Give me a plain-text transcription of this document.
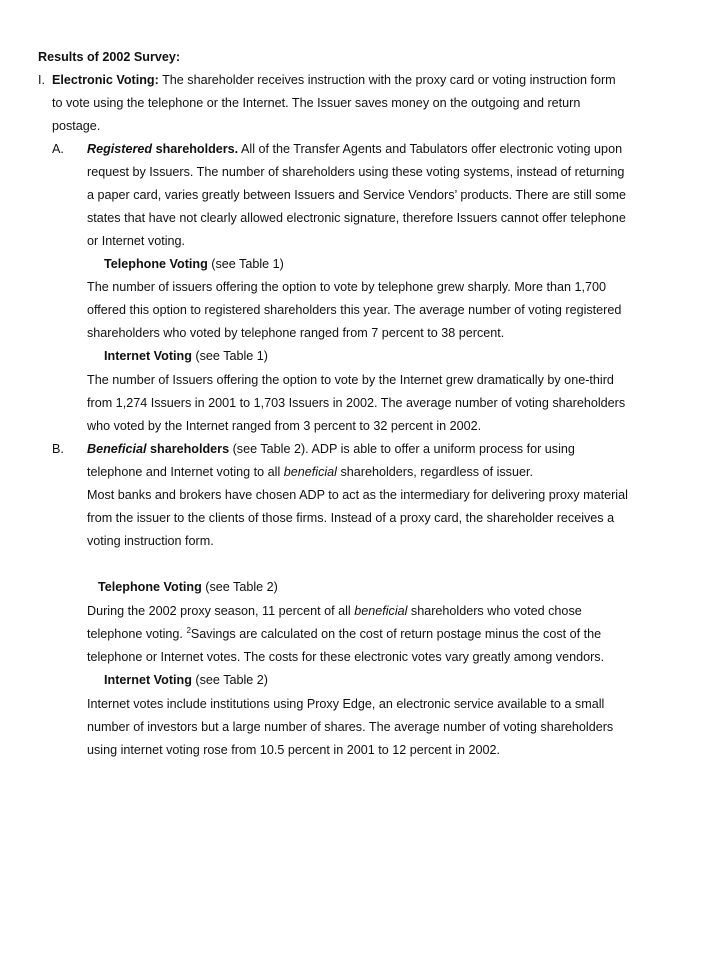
Results of 2002 Survey:
I. Electronic Voting: The shareholder receives instruction with the proxy card or voting instruction form
to vote using the telephone or the Internet. The Issuer saves money on the outgoing and return
postage.
A. Registered shareholders. All of the Transfer Agents and Tabulators offer electronic voting upon
request by Issuers. The number of shareholders using these voting systems, instead of returning
a paper card, varies greatly between Issuers and Service Vendors’ products. There are still some
states that have not clearly allowed electronic signature, therefore Issuers cannot offer telephone
or Internet voting.
Telephone Voting (see Table 1)
The number of issuers offering the option to vote by telephone grew sharply. More than 1,700
offered this option to registered shareholders this year. The average number of voting registered
shareholders who voted by telephone ranged from 7 percent to 38 percent.
Internet Voting (see Table 1)
The number of Issuers offering the option to vote by the Internet grew dramatically by one-third
from 1,274 Issuers in 2001 to 1,703 Issuers in 2002. The average number of voting shareholders
who voted by the Internet ranged from 3 percent to 32 percent in 2002.
B. Beneficial shareholders (see Table 2). ADP is able to offer a uniform process for using
telephone and Internet voting to all beneficial shareholders, regardless of issuer.
Most banks and brokers have chosen ADP to act as the intermediary for delivering proxy material
from the issuer to the clients of those firms. Instead of a proxy card, the shareholder receives a
voting instruction form.
Telephone Voting (see Table 2)
During the 2002 proxy season, 11 percent of all beneficial shareholders who voted chose
telephone voting. $^2$Savings are calculated on the cost of return postage minus the cost of the
telephone or Internet votes. The costs for these electronic votes vary greatly among vendors.
Internet Voting (see Table 2)
Internet votes include institutions using Proxy Edge, an electronic service available to a small
number of investors but a large number of shares. The average number of voting shareholders
using internet voting rose from 10.5 percent in 2001 to 12 percent in 2002.
